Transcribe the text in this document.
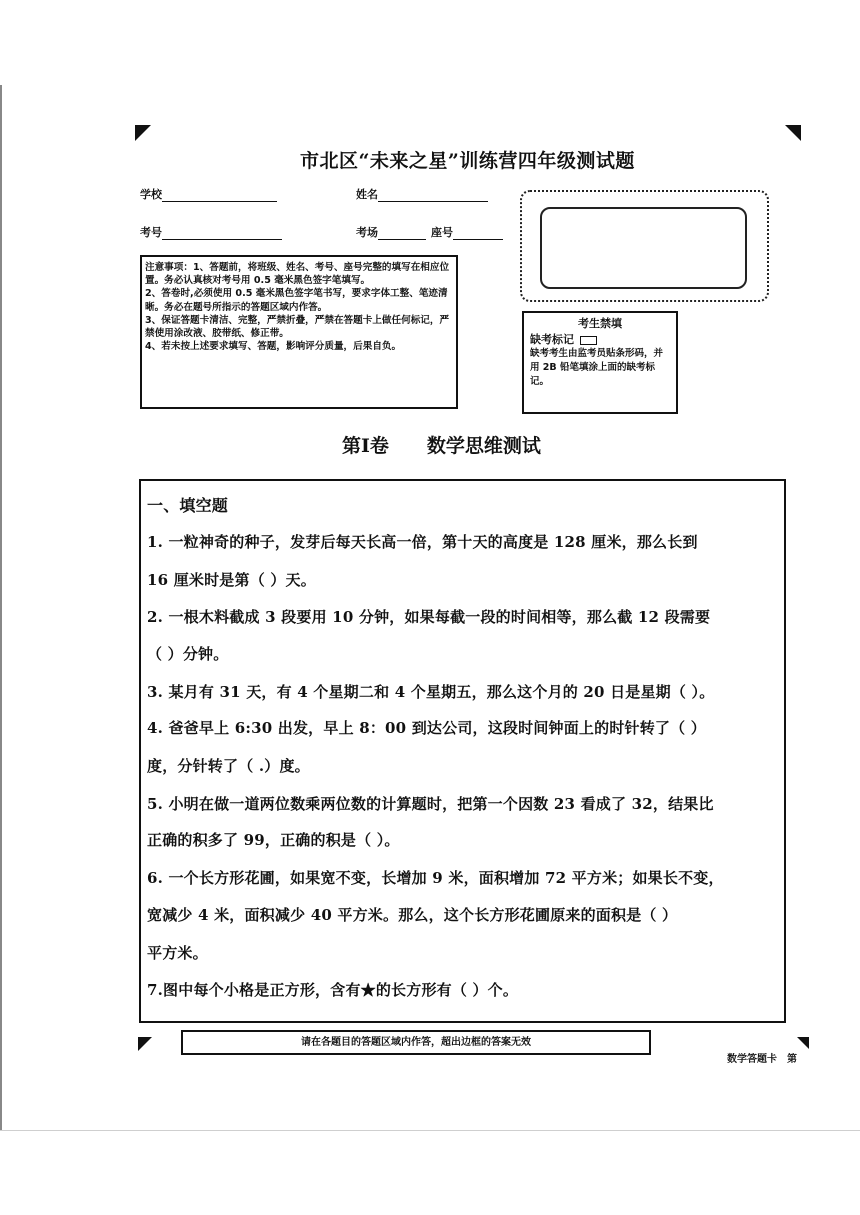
市北区“未来之星”训练营四年级测试题
学校	姓名
考号	考场	座号

注意事项：1、答题前，将班级、姓名、考号、座号完整的填写在相应位置。务必认真核对考号用 0.5 毫米黑色签字笔填写。

2、答卷时,必须使用 0.5 毫米黑色签字笔书写，要求字体工整、笔迹清晰。务必在题号所指示的答题区域内作答。

3、保证答题卡清洁、完整，严禁折叠，严禁在答题卡上做任何标记，严禁使用涂改液、胶带纸、修正带。

4、若未按上述要求填写、答题，影响评分质量，后果自负。

考生禁填
缺考标记
缺考考生由监考员贴条形码，并用 2B 铅笔填涂上面的缺考标记。
第Ⅰ卷　　数学思维测试
一、填空题
1. 一粒神奇的种子，发芽后每天长高一倍，第十天的高度是 128 厘米，那么长到
16 厘米时是第（ ）天。
2. 一根木料截成 3 段要用 10 分钟，如果每截一段的时间相等，那么截 12 段需要
（ ）分钟。
3. 某月有 31 天，有 4 个星期二和 4 个星期五，那么这个月的 20 日是星期（ ）。
4. 爸爸早上 6:30 出发，早上 8：00 到达公司，这段时间钟面上的时针转了（ ）
度，分针转了（ .）度。
5. 小明在做一道两位数乘两位数的计算题时，把第一个因数 23 看成了 32，结果比
正确的积多了 99，正确的积是（ ）。
6. 一个长方形花圃，如果宽不变，长增加 9 米，面积增加 72 平方米；如果长不变，
宽减少 4 米，面积减少 40 平方米。那么，这个长方形花圃原来的面积是（ ）
平方米。
7.图中每个小格是正方形，含有★的长方形有（ ）个。
请在各题目的答题区域内作答，超出边框的答案无效
数学答题卡　第
